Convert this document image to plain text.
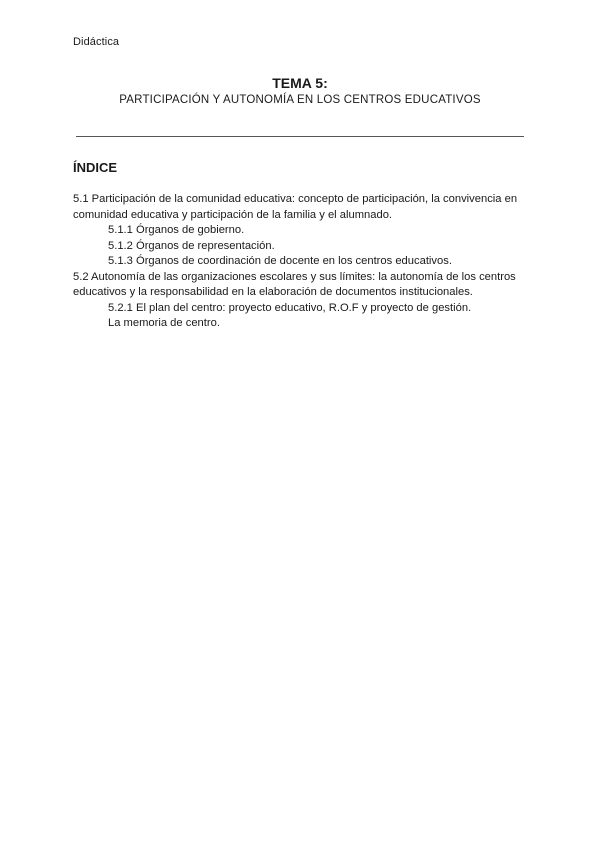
Didáctica
TEMA 5:
PARTICIPACIÓN Y AUTONOMÍA EN LOS CENTROS EDUCATIVOS
ÍNDICE

5.1 Participación de la comunidad educativa: concepto de participación, la convivencia en comunidad educativa y participación de la familia y el alumnado.

5.1.1 Órganos de gobierno.

5.1.2 Órganos de representación.

5.1.3 Órganos de coordinación de docente en los centros educativos.

5.2 Autonomía de las organizaciones escolares y sus límites: la autonomía de los centros educativos y la responsabilidad en la elaboración de documentos institucionales.

5.2.1 El plan del centro: proyecto educativo, R.O.F y proyecto de gestión.

La memoria de centro.
